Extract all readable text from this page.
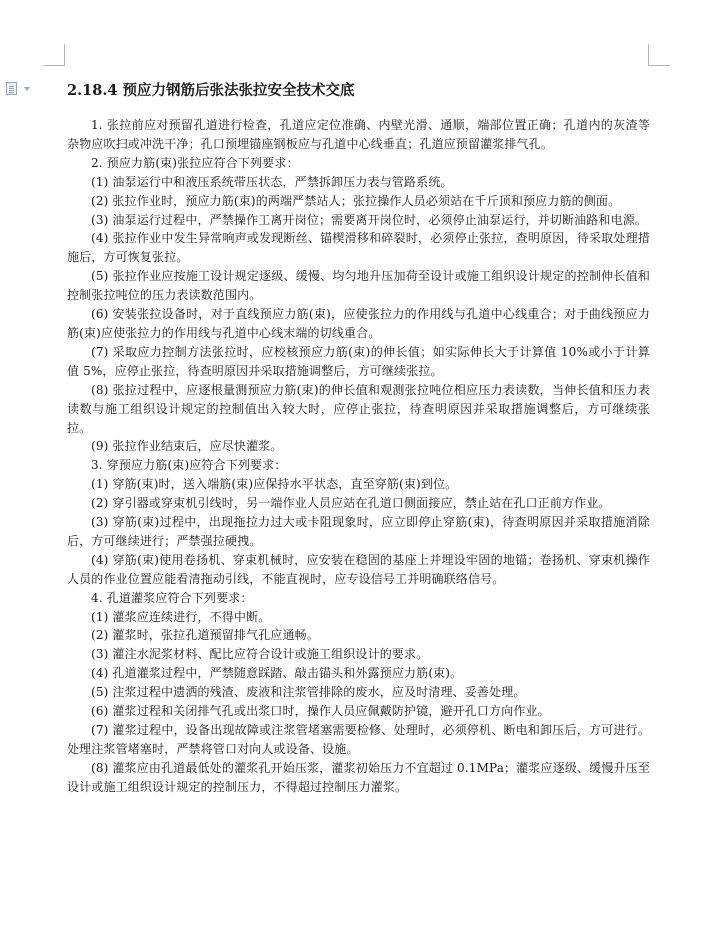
2.18.4 预应力钢筋后张法张拉安全技术交底

1. 张拉前应对预留孔道进行检查，孔道应定位准确、内壁光滑、通顺，端部位置正确；孔道内的灰渣等杂物应吹扫或冲洗干净；孔口预埋锚座钢板应与孔道中心线垂直；孔道应预留灌浆排气孔。

2. 预应力筋(束)张拉应符合下列要求：

(1) 油泵运行中和液压系统带压状态，严禁拆卸压力表与管路系统。

(2) 张拉作业时，预应力筋(束)的两端严禁站人；张拉操作人员必须站在千斤顶和预应力筋的侧面。

(3) 油泵运行过程中，严禁操作工离开岗位；需要离开岗位时，必须停止油泵运行，并切断油路和电源。

(4) 张拉作业中发生异常响声或发现断丝、锚楔滑移和碎裂时，必须停止张拉，查明原因，待采取处理措施后，方可恢复张拉。

(5) 张拉作业应按施工设计规定逐级、缓慢、均匀地升压加荷至设计或施工组织设计规定的控制伸长值和控制张拉吨位的压力表读数范围内。

(6) 安装张拉设备时，对于直线预应力筋(束)，应使张拉力的作用线与孔道中心线重合；对于曲线预应力筋(束)应使张拉力的作用线与孔道中心线末端的切线重合。

(7) 采取应力控制方法张拉时，应校核预应力筋(束)的伸长值；如实际伸长大于计算值 10%或小于计算值 5%，应停止张拉，待查明原因并采取措施调整后，方可继续张拉。

(8) 张拉过程中，应逐根量测预应力筋(束)的伸长值和观测张拉吨位相应压力表读数，当伸长值和压力表读数与施工组织设计规定的控制值出入较大时，应停止张拉，待查明原因并采取措施调整后，方可继续张拉。

(9) 张拉作业结束后，应尽快灌浆。

3. 穿预应力筋(束)应符合下列要求：

(1) 穿筋(束)时，送入端筋(束)应保持水平状态，直至穿筋(束)到位。

(2) 穿引器或穿束机引线时，另一端作业人员应站在孔道口侧面接应，禁止站在孔口正前方作业。

(3) 穿筋(束)过程中，出现拖拉力过大或卡阻现象时，应立即停止穿筋(束)，待查明原因并采取措施消除后，方可继续进行；严禁强拉硬拽。

(4) 穿筋(束)使用卷扬机、穿束机械时，应安装在稳固的基座上并埋设牢固的地锚；卷扬机、穿束机操作人员的作业位置应能看清拖动引线，不能直视时，应专设信号工并明确联络信号。

4. 孔道灌浆应符合下列要求：

(1) 灌浆应连续进行，不得中断。

(2) 灌浆时，张拉孔道预留排气孔应通畅。

(3) 灌注水泥浆材料、配比应符合设计或施工组织设计的要求。

(4) 孔道灌浆过程中，严禁随意踩踏、敲击锚头和外露预应力筋(束)。

(5) 注浆过程中遗洒的残渣、废液和注浆管排除的废水，应及时清理、妥善处理。

(6) 灌浆过程和关闭排气孔或出浆口时，操作人员应佩戴防护镜，避开孔口方向作业。

(7) 灌浆过程中，设备出现故障或注浆管堵塞需要检修、处理时，必须停机、断电和卸压后，方可进行。处理注浆管堵塞时，严禁将管口对向人或设备、设施。

(8) 灌浆应由孔道最低处的灌浆孔开始压浆，灌浆初始压力不宜超过 0.1MPa；灌浆应逐级、缓慢升压至设计或施工组织设计规定的控制压力，不得超过控制压力灌浆。
